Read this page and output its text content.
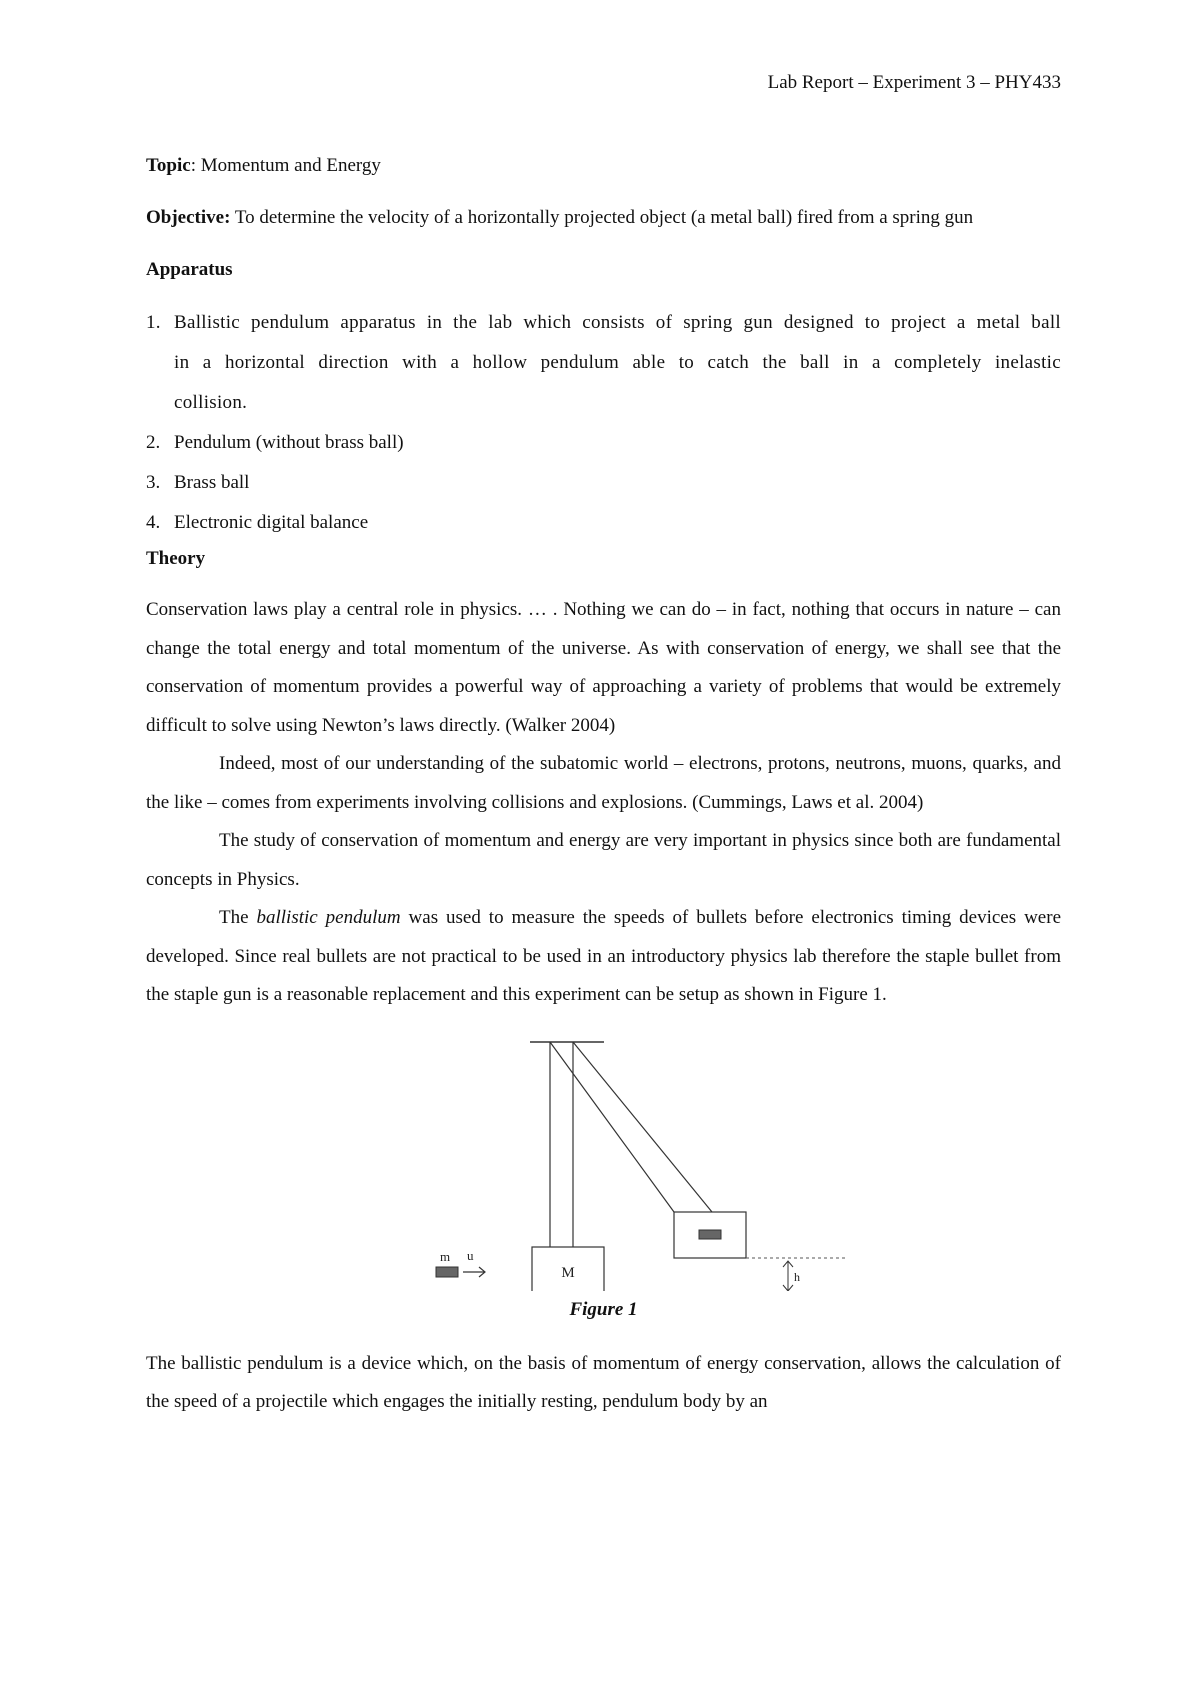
Lab Report – Experiment 3 – PHY433

Topic: Momentum and Energy

Objective: To determine the velocity of a horizontally projected object (a metal ball) fired from a spring gun

Apparatus

1. Ballistic pendulum apparatus in the lab which consists of spring gun designed to project a metal ball in a horizontal direction with a hollow pendulum able to catch the ball in a completely inelastic collision.
2. Pendulum (without brass ball)
3. Brass ball
4. Electronic digital balance

Theory

Conservation laws play a central role in physics. … . Nothing we can do – in fact, nothing that occurs in nature – can change the total energy and total momentum of the universe. As with conservation of energy, we shall see that the conservation of momentum provides a powerful way of approaching a variety of problems that would be extremely difficult to solve using Newton’s laws directly. (Walker 2004)

Indeed, most of our understanding of the subatomic world – electrons, protons, neutrons, muons, quarks, and the like – comes from experiments involving collisions and explosions. (Cummings, Laws et al. 2004)

The study of conservation of momentum and energy are very important in physics since both are fundamental concepts in Physics.

The ballistic pendulum was used to measure the speeds of bullets before electronics timing devices were developed. Since real bullets are not practical to be used in an introductory physics lab therefore the staple bullet from the staple gun is a reasonable replacement and this experiment can be setup as shown in Figure 1.

M	h
m u

Figure 1

The ballistic pendulum is a device which, on the basis of momentum of energy conservation, allows the calculation of the speed of a projectile which engages the initially resting, pendulum body by an
